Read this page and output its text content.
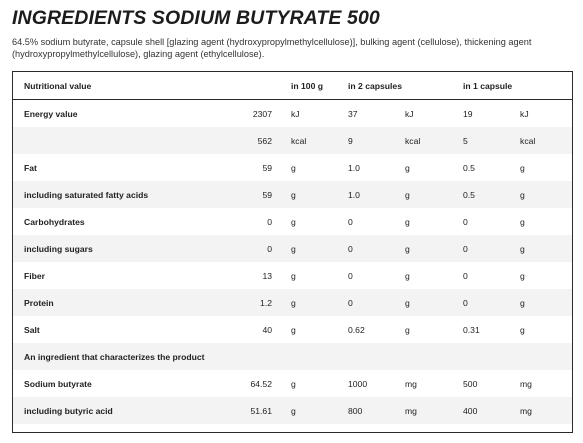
INGREDIENTS SODIUM BUTYRATE 500

64.5% sodium butyrate, capsule shell [glazing agent (hydroxypropylmethylcellulose)], bulking agent (cellulose), thickening agent (hydroxypropylmethylcellulose), glazing agent (ethylcellulose).

Nutritional value		in 100 g	in 2 capsules		in 1 capsule	
Energy value	2307	kJ	37	kJ	19	kJ
	562	kcal	9	kcal	5	kcal
Fat	59	g	1.0	g	0.5	g
including saturated fatty acids	59	g	1.0	g	0.5	g
Carbohydrates	0	g	0	g	0	g
including sugars	0	g	0	g	0	g
Fiber	13	g	0	g	0	g
Protein	1.2	g	0	g	0	g
Salt	40	g	0.62	g	0.31	g
An ingredient that characterizes the product						
Sodium butyrate	64.52	g	1000	mg	500	mg
including butyric acid	51.61	g	800	mg	400	mg
